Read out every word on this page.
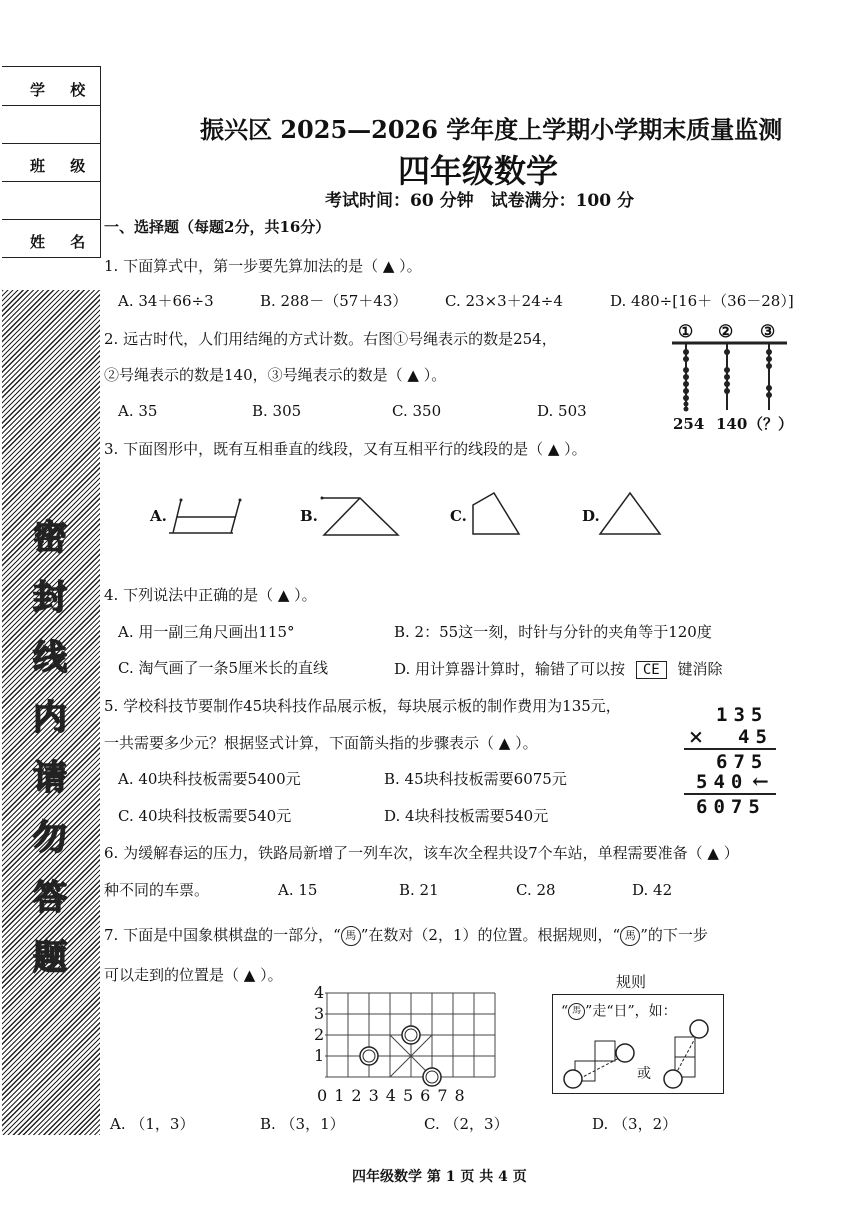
学 校
班 级
姓 名
密
封
线
内
请
勿
答
题
振兴区 2025—2026 学年度上学期小学期末质量监测
四年级数学
考试时间：60 分钟　试卷满分：100 分
一、选择题（每题2分，共16分）
1. 下面算式中，第一步要先算加法的是（ ▲ ）。
A. 34＋66÷3	B. 288－（57＋43）	C. 23×3＋24÷4	D. 480÷[16＋（36－28）]
2. 远古时代，人们用结绳的方式计数。右图①号绳表示的数是254，
②号绳表示的数是140，③号绳表示的数是（ ▲ ）。
A. 35	B. 305	C. 350	D. 503
① ② ③
254 140 （？）
3. 下面图形中，既有互相垂直的线段，又有互相平行的线段的是（ ▲ ）。
A.	B.	C.	D.
4. 下列说法中正确的是（ ▲ ）。
A. 用一副三角尺画出115°	B. 2：55这一刻，时针与分针的夹角等于120度
C. 淘气画了一条5厘米长的直线	D. 用计算器计算时，输错了可以按 CE 键消除
5. 学校科技节要制作45块科技作品展示板，每块展示板的制作费用为135元，
一共需要多少元？根据竖式计算，下面箭头指的步骤表示（ ▲ ）。
A. 40块科技板需要5400元	B. 45块科技板需要6075元
C. 40块科技板需要540元	D. 4块科技板需要540元
135
× 45
675
540 ←
6075
6. 为缓解春运的压力，铁路局新增了一列车次，该车次全程共设7个车站，单程需要准备（ ▲ ）
种不同的车票。	A. 15	B. 21	C. 28	D. 42
7. 下面是中国象棋棋盘的一部分，“ 馬 ”在数对（2，1）的位置。根据规则，“ 馬 ”的下一步
可以走到的位置是（ ▲ ）。
4
3
2
1
0 1 2 3 4 5 6 7 8
规则
“ 馬 ”走“日”，如：
或
A. （1，3）	B. （3，1）	C. （2，3）	D. （3，2）
四年级数学 第 1 页 共 4 页
